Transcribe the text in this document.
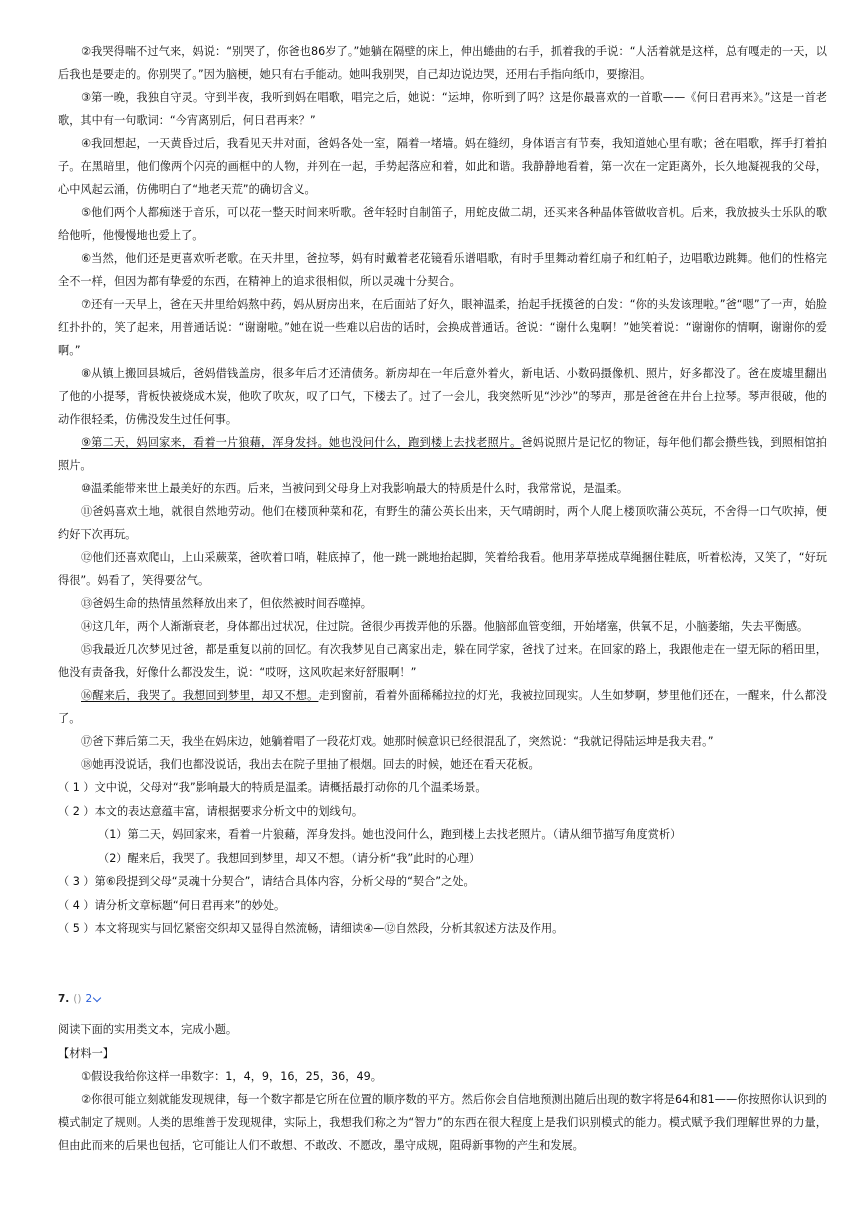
②我哭得喘不过气来，妈说：“别哭了，你爸也86岁了。”她躺在隔壁的床上，伸出蜷曲的右手，抓着我的手说：“人活着就是这样，总有嘎走的一天，以后我也是要走的。你别哭了。”因为脑梗，她只有右手能动。她叫我别哭，自己却边说边哭，还用右手指向纸巾，要擦泪。

③第一晚，我独自守灵。守到半夜，我听到妈在唱歌，唱完之后，她说：“运坤，你听到了吗？这是你最喜欢的一首歌——《何日君再来》。”这是一首老歌，其中有一句歌词：“今宵离别后，何日君再来？”

④我回想起，一天黄昏过后，我看见天井对面，爸妈各处一室，隔着一堵墙。妈在缝纫，身体语言有节奏，我知道她心里有歌；爸在唱歌，挥手打着拍子。在黑暗里，他们像两个闪亮的画框中的人物，并列在一起，手势起落应和着，如此和谐。我静静地看着，第一次在一定距离外，长久地凝视我的父母，心中风起云涌，仿佛明白了“地老天荒”的确切含义。

⑤他们两个人都痴迷于音乐，可以花一整天时间来听歌。爸年轻时自制笛子，用蛇皮做二胡，还买来各种晶体管做收音机。后来，我放披头士乐队的歌给他听，他慢慢地也爱上了。

⑥当然，他们还是更喜欢听老歌。在天井里，爸拉琴，妈有时戴着老花镜看乐谱唱歌，有时手里舞动着红扇子和红帕子，边唱歌边跳舞。他们的性格完全不一样，但因为都有挚爱的东西，在精神上的追求很相似，所以灵魂十分契合。

⑦还有一天早上，爸在天井里给妈熬中药，妈从厨房出来，在后面站了好久，眼神温柔，抬起手抚摸爸的白发：“你的头发该理啦。”爸“嗯”了一声，始脸红扑扑的，笑了起来，用普通话说：“谢谢啦。”她在说一些难以启齿的话时，会换成普通话。爸说：“谢什么鬼啊！”她笑着说：“谢谢你的情啊，谢谢你的爱啊。”

⑧从镇上搬回县城后，爸妈借钱盖房，很多年后才还清债务。新房却在一年后意外着火，新电话、小数码摄像机、照片，好多都没了。爸在废墟里翻出了他的小提琴，背板快被烧成木炭，他吹了吹灰，叹了口气，下楼去了。过了一会儿，我突然听见“沙沙”的琴声，那是爸爸在井台上拉琴。琴声很破，他的动作很轻柔，仿佛没发生过任何事。

⑨第二天，妈回家来，看着一片狼藉，浑身发抖。她也没问什么，跑到楼上去找老照片。爸妈说照片是记忆的物证，每年他们都会攒些钱，到照相馆拍照片。

⑩温柔能带来世上最美好的东西。后来，当被问到父母身上对我影响最大的特质是什么时，我常常说，是温柔。

⑪爸妈喜欢土地，就很自然地劳动。他们在楼顶种菜和花，有野生的蒲公英长出来，天气晴朗时，两个人爬上楼顶吹蒲公英玩，不舍得一口气吹掉，便约好下次再玩。

⑫他们还喜欢爬山，上山采蕨菜，爸吹着口哨，鞋底掉了，他一跳一跳地抬起脚，笑着给我看。他用茅草搓成草绳捆住鞋底，听着松涛，又笑了，“好玩得很”。妈看了，笑得要岔气。

⑬爸妈生命的热情虽然释放出来了，但依然被时间吞噬掉。

⑭这几年，两个人渐渐衰老，身体都出过状况，住过院。爸很少再拨弄他的乐器。他脑部血管变细，开始堵塞，供氧不足，小脑萎缩，失去平衡感。

⑮我最近几次梦见过爸，都是重复以前的回忆。有次我梦见自己离家出走，躲在同学家，爸找了过来。在回家的路上，我跟他走在一望无际的稻田里，他没有责备我，好像什么都没发生，说：“哎呀，这风吹起来好舒服啊！”

⑯醒来后，我哭了。我想回到梦里，却又不想。走到窗前，看着外面稀稀拉拉的灯光，我被拉回现实。人生如梦啊，梦里他们还在，一醒来，什么都没了。

⑰爸下葬后第二天，我坐在妈床边，她躺着唱了一段花灯戏。她那时候意识已经很混乱了，突然说：“我就记得陆运坤是我夫君。”

⑱她再没说话，我们也都没说话，我出去在院子里抽了根烟。回去的时候，她还在看天花板。

（ 1 ）文中说，父母对“我”影响最大的特质是温柔。请概括最打动你的几个温柔场景。

（ 2 ）本文的表达意蕴丰富，请根据要求分析文中的划线句。

（1）第二天，妈回家来，看着一片狼藉，浑身发抖。她也没问什么，跑到楼上去找老照片。（请从细节描写角度赏析）

（2）醒来后，我哭了。我想回到梦里，却又不想。（请分析“我”此时的心理）

（ 3 ）第⑥段提到父母“灵魂十分契合”，请结合具体内容，分析父母的“契合”之处。

（ 4 ）请分析文章标题“何日君再来”的妙处。

（ 5 ）本文将现实与回忆紧密交织却又显得自然流畅，请细读④—⑫自然段，分析其叙述方法及作用。

7. () 2

阅读下面的实用类文本，完成小题。

【材料一】

①假设我给你这样一串数字：1，4，9，16，25，36，49。

②你很可能立刻就能发现规律，每一个数字都是它所在位置的顺序数的平方。然后你会自信地预测出随后出现的数字将是64和81——你按照你认识到的模式制定了规则。人类的思维善于发现规律，实际上，我想我们称之为“智力”的东西在很大程度上是我们识别模式的能力。模式赋予我们理解世界的力量，但由此而来的后果也包括，它可能让人们不敢想、不敢改、不愿改，墨守成规，阻碍新事物的产生和发展。
